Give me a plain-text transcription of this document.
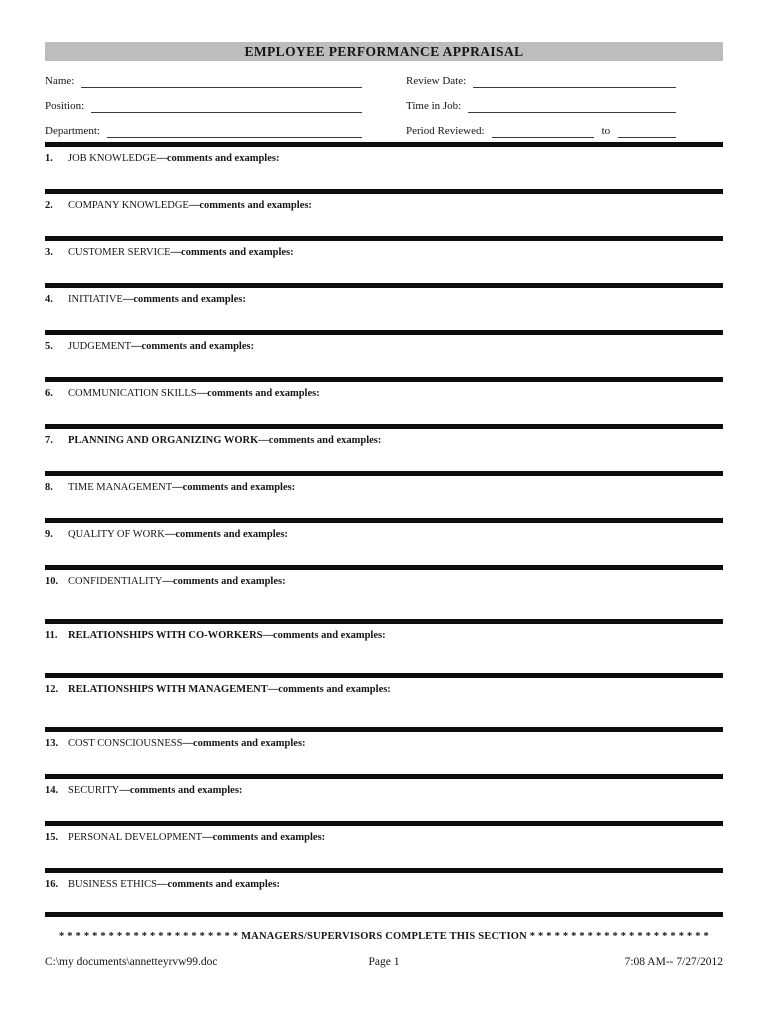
EMPLOYEE PERFORMANCE APPRAISAL
Name:	Review Date:
Position:	Time in Job:
Department:	Period Reviewed:	to
1.	JOB KNOWLEDGE —comments and examples:
2.	COMPANY KNOWLEDGE —comments and examples:
3.	CUSTOMER SERVICE —comments and examples:
4.	INITIATIVE —comments and examples:
5.	JUDGEMENT —comments and examples:
6.	COMMUNICATION SKILLS —comments and examples:
7.	PLANNING AND ORGANIZING WORK —comments and examples:
8.	TIME MANAGEMENT —comments and examples:
9.	QUALITY OF WORK —comments and examples:
10. CONFIDENTIALITY —comments and examples:
11. RELATIONSHIPS WITH CO-WORKERS —comments and examples:
12. RELATIONSHIPS WITH MANAGEMENT —comments and examples:
13. COST CONSCIOUSNESS —comments and examples:
14. SECURITY —comments and examples:
15. PERSONAL DEVELOPMENT —comments and examples:
16. BUSINESS ETHICS —comments and examples:
* * * * * * * * * * * * * * * * * * * * * * MANAGERS/SUPERVISORS COMPLETE THIS SECTION * * * * * * * * * * * * * * * * * * * * * *
C:\my documents\annetteyrvw99.doc	Page 1	7:08 AM-- 7/27/2012
